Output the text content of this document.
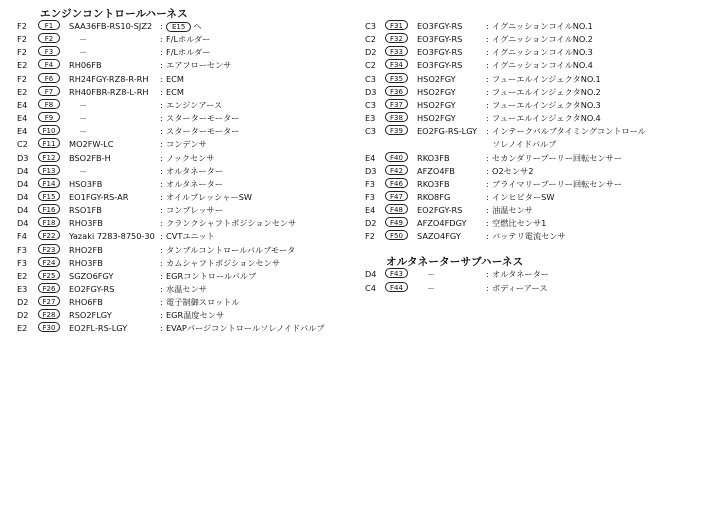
エンジンコントロールハーネス
F2	F1	SAA36FB-RS10-SJZ2 :	E15 へ
F2	F2	－	: F/Lホルダー
F2	F3	－	: F/Lホルダー
E2	F4	RH06FB	: エアフローセンサ
F2	F6	RH24FGY-RZ8-R-RH : ECM
E2	F7	RH40FBR-RZ8-L-RH : ECM
E4	F8	－	: エンジンアース
E4	F9	－	: スターターモーター
E4	F10	－	: スターターモーター
C2	F11	MO2FW-LC	: コンデンサ
D3	F12	BSO2FB-H	: ノックセンサ
D4	F13	－	: オルタネーター
D4	F14	HSO3FB	: オルタネーター
D4	F15	EO1FGY-RS-AR	: オイルプレッシャーSW
D4	F16	RSO1FB	: コンプレッサー
D4	F18	RHO3FB	: クランクシャフトポジションセンサ
F4	F22	Yazaki 7283-8750-30 : CVTユニット
F3	F23	RHO2FB	: タンブルコントロールバルブモータ
F3	F24	RHO3FB	: カムシャフトポジションセンサ
E2	F25	SGZO6FGY	: EGRコントロールバルブ
E3	F26	EO2FGY-RS	: 水温センサ
D2	F27	RHO6FB	: 電子制御スロットル
D2	F28	RSO2FLGY	: EGR温度センサ
E2	F30	EO2FL-RS-LGY	: EVAPパージコントロールソレノイドバルブ
C3	F31	EO3FGY-RS	: イグニッションコイルNO.1
C2	F32	EO3FGY-RS	: イグニッションコイルNO.2
D2	F33	EO3FGY-RS	: イグニッションコイルNO.3
C2	F34	EO3FGY-RS	: イグニッションコイルNO.4
C3	F35	HSO2FGY	: フューエルインジェクタNO.1
D3	F36	HSO2FGY	: フューエルインジェクタNO.2
C3	F37	HSO2FGY	: フューエルインジェクタNO.3
E3	F38	HSO2FGY	: フューエルインジェクタNO.4
C3	F39	EO2FG-RS-LGY : インテークバルブタイミングコントロール
ソレノイドバルブ
E4	F40	RKO3FB	: セカンダリープーリー回転センサー
D3	F42	AFZO4FB	: O2センサ2
F3	F46	RKO3FB	: プライマリープーリー回転センサー
F3	F47	RKO8FG	: インヒビターSW
E4	F48	EO2FGY-RS	: 油温センサ
D2	F49	AFZO4FDGY : 空燃比センサ1
F2	F50	SAZO4FGY	: バッテリ電流センサ
オルタネーターサブハーネス
D4	F43	－	: オルタネーター
C4	F44	－	: ボディーアース
